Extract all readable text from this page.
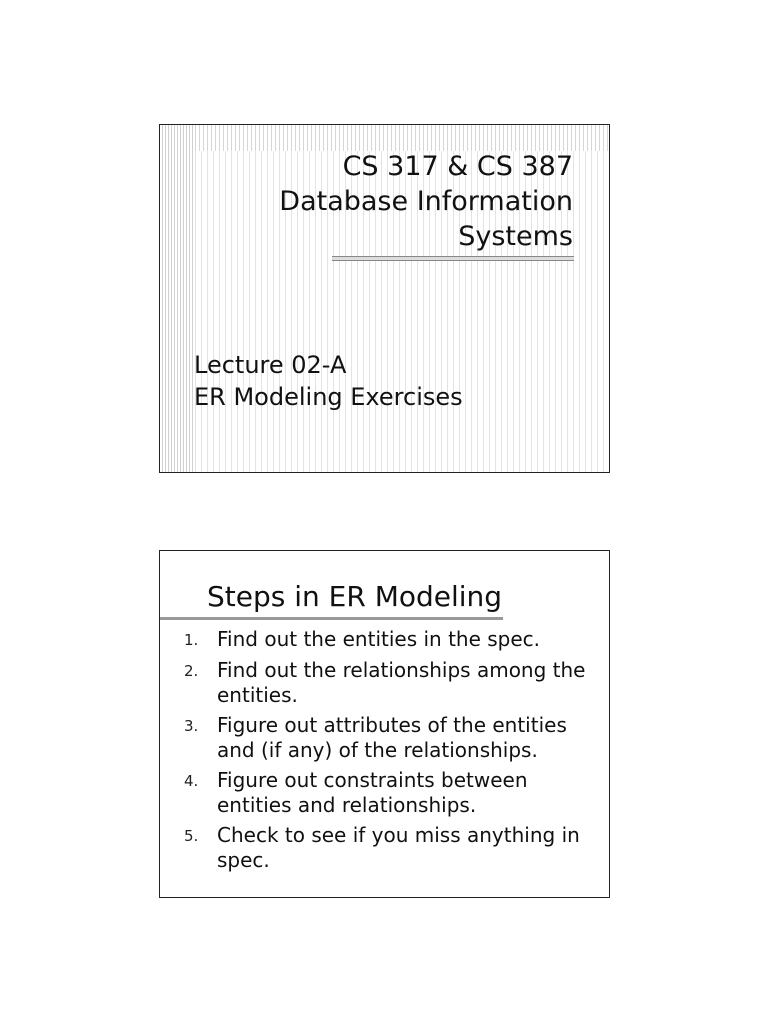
CS 317 & CS 387
Database Information
Systems
Lecture 02-A
ER Modeling Exercises
Steps in ER Modeling
1. Find out the entities in the spec.
2. Find out the relationships among the entities.
3. Figure out attributes of the entities and (if any) of the relationships.
4. Figure out constraints between entities and relationships.
5. Check to see if you miss anything in spec.
